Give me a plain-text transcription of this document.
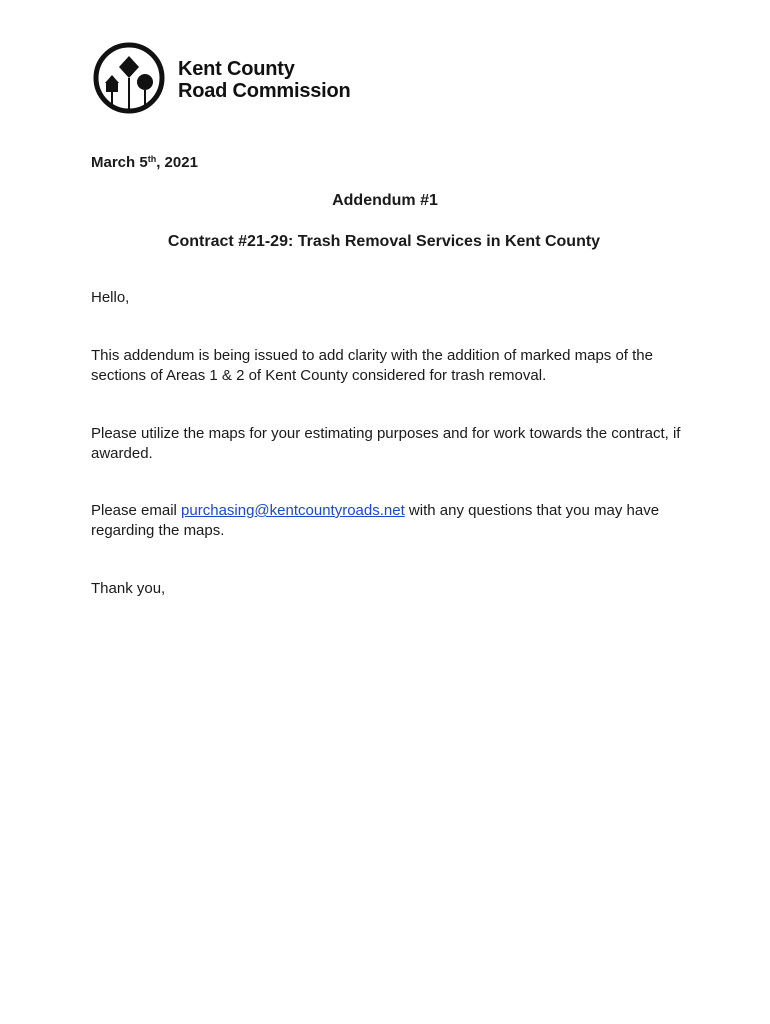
Kent County
Road Commission
March 5th, 2021
Addendum #1
Contract #21-29: Trash Removal Services in Kent County
Hello,
This addendum is being issued to add clarity with the addition of marked maps of the sections of Areas 1 & 2 of Kent County considered for trash removal.
Please utilize the maps for your estimating purposes and for work towards the contract, if awarded.
Please email purchasing@kentcountyroads.net with any questions that you may have regarding the maps.
Thank you,
